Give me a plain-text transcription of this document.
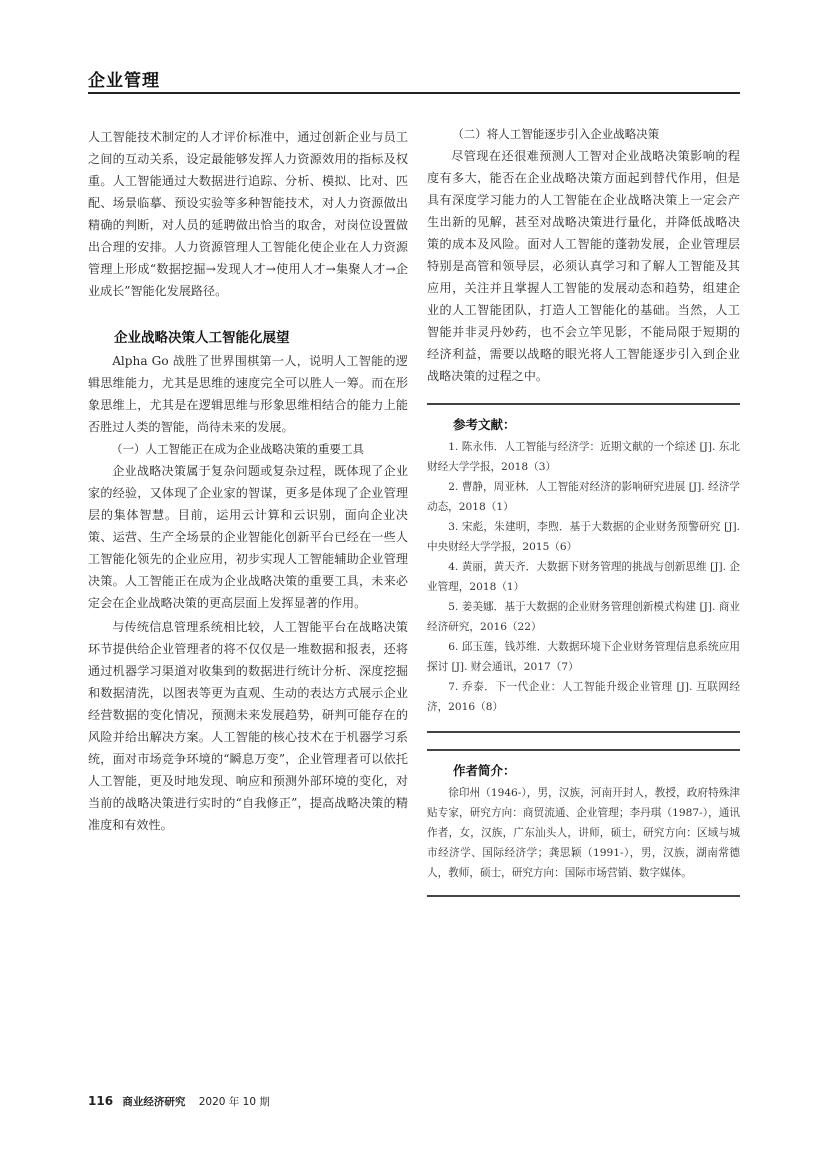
企业管理

人工智能技术制定的人才评价标准中，通过创新企业与员工之间的互动关系，设定最能够发挥人力资源效用的指标及权重。人工智能通过大数据进行追踪、分析、模拟、比对、匹配、场景临摹、预设实验等多种智能技术，对人力资源做出精确的判断，对人员的延聘做出恰当的取舍，对岗位设置做出合理的安排。人力资源管理人工智能化使企业在人力资源管理上形成“数据挖掘→发现人才→使用人才→集聚人才→企业成长”智能化发展路径。

企业战略决策人工智能化展望

Alpha Go 战胜了世界围棋第一人，说明人工智能的逻辑思维能力，尤其是思维的速度完全可以胜人一筹。而在形象思维上，尤其是在逻辑思维与形象思维相结合的能力上能否胜过人类的智能，尚待未来的发展。

（一）人工智能正在成为企业战略决策的重要工具

企业战略决策属于复杂问题或复杂过程，既体现了企业家的经验，又体现了企业家的智谋，更多是体现了企业管理层的集体智慧。目前，运用云计算和云识别，面向企业决策、运营、生产全场景的企业智能化创新平台已经在一些人工智能化领先的企业应用，初步实现人工智能辅助企业管理决策。人工智能正在成为企业战略决策的重要工具，未来必定会在企业战略决策的更高层面上发挥显著的作用。

与传统信息管理系统相比较，人工智能平台在战略决策环节提供给企业管理者的将不仅仅是一堆数据和报表，还将通过机器学习渠道对收集到的数据进行统计分析、深度挖掘和数据清洗，以图表等更为直观、生动的表达方式展示企业经营数据的变化情况，预测未来发展趋势，研判可能存在的风险并给出解决方案。人工智能的核心技术在于机器学习系统，面对市场竞争环境的“瞬息万变”，企业管理者可以依托人工智能，更及时地发现、响应和预测外部环境的变化，对当前的战略决策进行实时的“自我修正”，提高战略决策的精准度和有效性。

（二）将人工智能逐步引入企业战略决策

尽管现在还很难预测人工智对企业战略决策影响的程度有多大，能否在企业战略决策方面起到替代作用，但是具有深度学习能力的人工智能在企业战略决策上一定会产生出新的见解，甚至对战略决策进行量化，并降低战略决策的成本及风险。面对人工智能的蓬勃发展，企业管理层特别是高管和领导层，必须认真学习和了解人工智能及其应用，关注并且掌握人工智能的发展动态和趋势，组建企业的人工智能团队，打造人工智能化的基础。当然，人工智能并非灵丹妙药，也不会立竿见影，不能局限于短期的经济利益，需要以战略的眼光将人工智能逐步引入到企业战略决策的过程之中。

参考文献：
1. 陈永伟．人工智能与经济学：近期文献的一个综述 [J]. 东北财经大学学报，2018（3）
2. 曹静，周亚林．人工智能对经济的影响研究进展 [J]. 经济学动态，2018（1）
3. 宋彪，朱建明，李煦．基于大数据的企业财务预警研究 [J]. 中央财经大学学报，2015（6）
4. 黄丽，黄天齐．大数据下财务管理的挑战与创新思维 [J]. 企业管理，2018（1）
5. 姜美娜．基于大数据的企业财务管理创新模式构建 [J]. 商业经济研究，2016（22）
6. 邱玉莲，钱苏维．大数据环境下企业财务管理信息系统应用探讨 [J]. 财会通讯，2017（7）
7. 乔泰．下一代企业：人工智能升级企业管理 [J]. 互联网经济，2016（8）
作者简介：

徐印州（1946-），男，汉族，河南开封人，教授，政府特殊津贴专家，研究方向：商贸流通、企业管理；李丹琪（1987-），通讯作者，女，汉族，广东汕头人，讲师，硕士，研究方向：区域与城市经济学、国际经济学；龚思颖（1991-），男，汉族，湖南常德人，教师，硕士，研究方向：国际市场营销、数字媒体。

116 商业经济研究 2020 年 10 期
